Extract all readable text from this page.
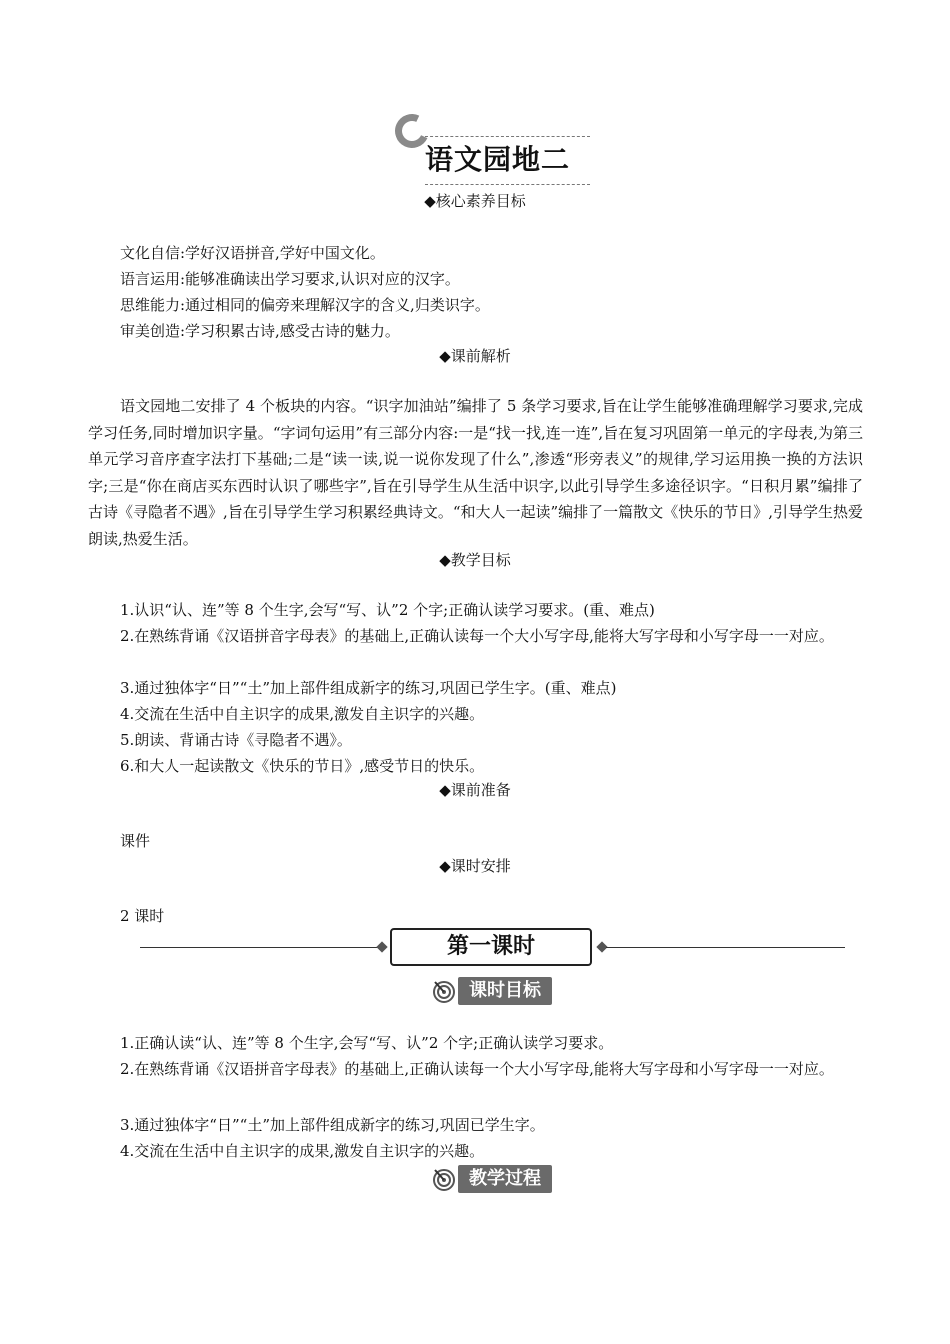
语文园地二
◆核心素养目标
文化自信:学好汉语拼音,学好中国文化。
语言运用:能够准确读出学习要求,认识对应的汉字。
思维能力:通过相同的偏旁来理解汉字的含义,归类识字。
审美创造:学习积累古诗,感受古诗的魅力。
◆课前解析
语文园地二安排了 4 个板块的内容。“识字加油站”编排了 5 条学习要求,旨在让学生能够准确理解学习要求,完成学习任务,同时增加识字量。“字词句运用”有三部分内容:一是“找一找,连一连”,旨在复习巩固第一单元的字母表,为第三单元学习音序查字法打下基础;二是“读一读,说一说你发现了什么”,渗透“形旁表义”的规律,学习运用换一换的方法识字;三是“你在商店买东西时认识了哪些字”,旨在引导学生从生活中识字,以此引导学生多途径识字。“日积月累”编排了古诗《寻隐者不遇》,旨在引导学生学习积累经典诗文。“和大人一起读”编排了一篇散文《快乐的节日》,引导学生热爱朗读,热爱生活。
◆教学目标
1.认识“认、连”等 8 个生字,会写“写、认”2 个字;正确认读学习要求。(重、难点)
2.在熟练背诵《汉语拼音字母表》的基础上,正确认读每一个大小写字母,能将大写字母和小写字母一一对应。
3.通过独体字“日”“土”加上部件组成新字的练习,巩固已学生字。(重、难点)
4.交流在生活中自主识字的成果,激发自主识字的兴趣。
5.朗读、背诵古诗《寻隐者不遇》。
6.和大人一起读散文《快乐的节日》,感受节日的快乐。
◆课前准备
课件
◆课时安排
2 课时
第一课时
课时目标
1.正确认读“认、连”等 8 个生字,会写“写、认”2 个字;正确认读学习要求。
2.在熟练背诵《汉语拼音字母表》的基础上,正确认读每一个大小写字母,能将大写字母和小写字母一一对应。
3.通过独体字“日”“土”加上部件组成新字的练习,巩固已学生字。
4.交流在生活中自主识字的成果,激发自主识字的兴趣。
教学过程
